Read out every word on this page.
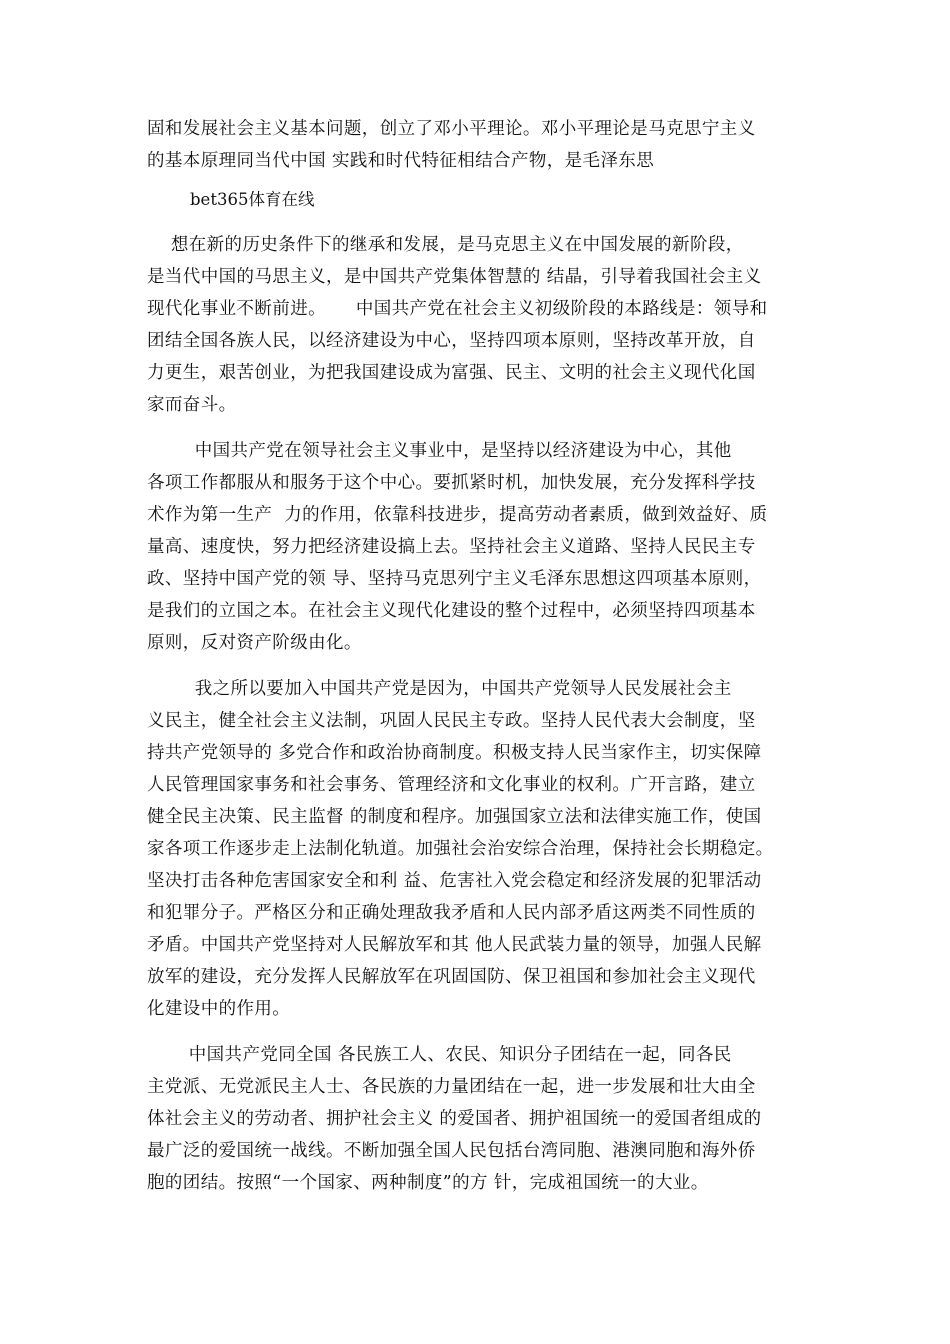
固和发展社会主义基本问题，创立了邓小平理论。邓小平理论是马克思宁主义
的基本原理同当代中国 实践和时代特征相结合产物，是毛泽东思
bet365体育在线
想在新的历史条件下的继承和发展，是马克思主义在中国发展的新阶段，
是当代中国的马思主义，是中国共产党集体智慧的 结晶，引导着我国社会主义
现代化事业不断前进。     中国共产党在社会主义初级阶段的本路线是：领导和
团结全国各族人民，以经济建设为中心，坚持四项本原则，坚持改革开放，自
力更生，艰苦创业，为把我国建设成为富强、民主、文明的社会主义现代化国
家而奋斗。
中国共产党在领导社会主义事业中，是坚持以经济建设为中心，其他
各项工作都服从和服务于这个中心。要抓紧时机，加快发展，充分发挥科学技
术作为第一生产  力的作用，依靠科技进步，提高劳动者素质，做到效益好、质
量高、速度快，努力把经济建设搞上去。坚持社会主义道路、坚持人民民主专
政、坚持中国产党的领 导、坚持马克思列宁主义毛泽东思想这四项基本原则，
是我们的立国之本。在社会主义现代化建设的整个过程中，必须坚持四项基本
原则，反对资产阶级由化。
我之所以要加入中国共产党是因为，中国共产党领导人民发展社会主
义民主，健全社会主义法制，巩固人民民主专政。坚持人民代表大会制度，坚
持共产党领导的 多党合作和政治协商制度。积极支持人民当家作主，切实保障
人民管理国家事务和社会事务、管理经济和文化事业的权利。广开言路，建立
健全民主决策、民主监督 的制度和程序。加强国家立法和法律实施工作，使国
家各项工作逐步走上法制化轨道。加强社会治安综合治理，保持社会长期稳定。
坚决打击各种危害国家安全和利 益、危害社入党会稳定和经济发展的犯罪活动
和犯罪分子。严格区分和正确处理敌我矛盾和人民内部矛盾这两类不同性质的
矛盾。中国共产党坚持对人民解放军和其 他人民武装力量的领导，加强人民解
放军的建设，充分发挥人民解放军在巩固国防、保卫祖国和参加社会主义现代
化建设中的作用。
中国共产党同全国 各民族工人、农民、知识分子团结在一起，同各民
主党派、无党派民主人士、各民族的力量团结在一起，进一步发展和壮大由全
体社会主义的劳动者、拥护社会主义 的爱国者、拥护祖国统一的爱国者组成的
最广泛的爱国统一战线。不断加强全国人民包括台湾同胞、港澳同胞和海外侨
胞的团结。按照“一个国家、两种制度”的方 针，完成祖国统一的大业。
